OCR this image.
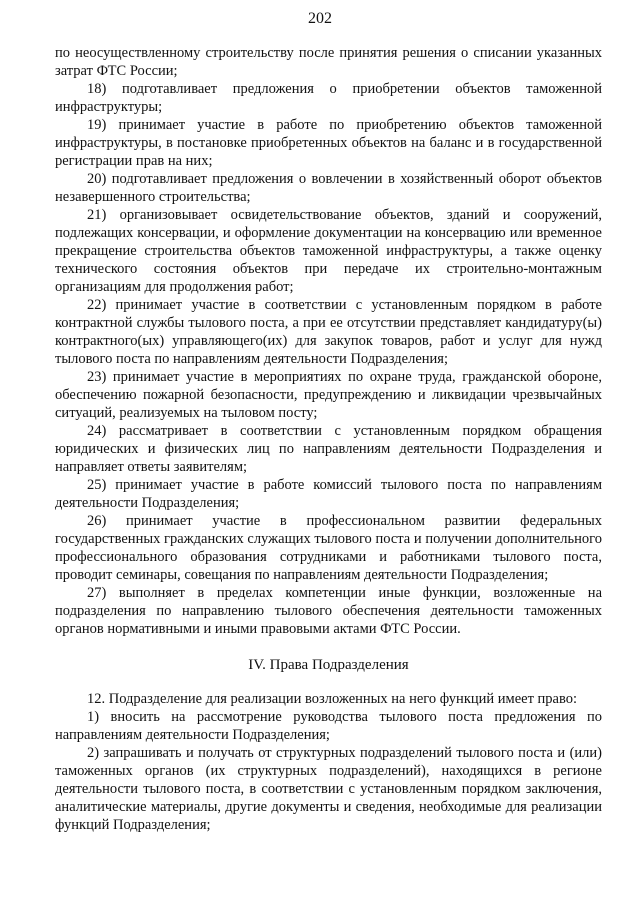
202

по неосуществленному строительству после принятия решения о списании указанных затрат ФТС России;

18) подготавливает предложения о приобретении объектов таможенной инфраструктуры;

19) принимает участие в работе по приобретению объектов таможенной инфраструктуры, в постановке приобретенных объектов на баланс и в государственной регистрации прав на них;

20) подготавливает предложения о вовлечении в хозяйственный оборот объектов незавершенного строительства;

21) организовывает освидетельствование объектов, зданий и сооружений, подлежащих консервации, и оформление документации на консервацию или временное прекращение строительства объектов таможенной инфраструктуры, а также оценку технического состояния объектов при передаче их строительно-монтажным организациям для продолжения работ;

22) принимает участие в соответствии с установленным порядком в работе контрактной службы тылового поста, а при ее отсутствии представляет кандидатуру(ы) контрактного(ых) управляющего(их) для закупок товаров, работ и услуг для нужд тылового поста по направлениям деятельности Подразделения;

23) принимает участие в мероприятиях по охране труда, гражданской обороне, обеспечению пожарной безопасности, предупреждению и ликвидации чрезвычайных ситуаций, реализуемых на тыловом посту;

24) рассматривает в соответствии с установленным порядком обращения юридических и физических лиц по направлениям деятельности Подразделения и направляет ответы заявителям;

25) принимает участие в работе комиссий тылового поста по направлениям деятельности Подразделения;

26) принимает участие в профессиональном развитии федеральных государственных гражданских служащих тылового поста и получении дополнительного профессионального образования сотрудниками и работниками тылового поста, проводит семинары, совещания по направлениям деятельности Подразделения;

27) выполняет в пределах компетенции иные функции, возложенные на подразделения по направлению тылового обеспечения деятельности таможенных органов нормативными и иными правовыми актами ФТС России.

IV. Права Подразделения

12. Подразделение для реализации возложенных на него функций имеет право:

1) вносить на рассмотрение руководства тылового поста предложения по направлениям деятельности Подразделения;

2) запрашивать и получать от структурных подразделений тылового поста и (или) таможенных органов (их структурных подразделений), находящихся в регионе деятельности тылового поста, в соответствии с установленным порядком заключения, аналитические материалы, другие документы и сведения, необходимые для реализации функций Подразделения;
